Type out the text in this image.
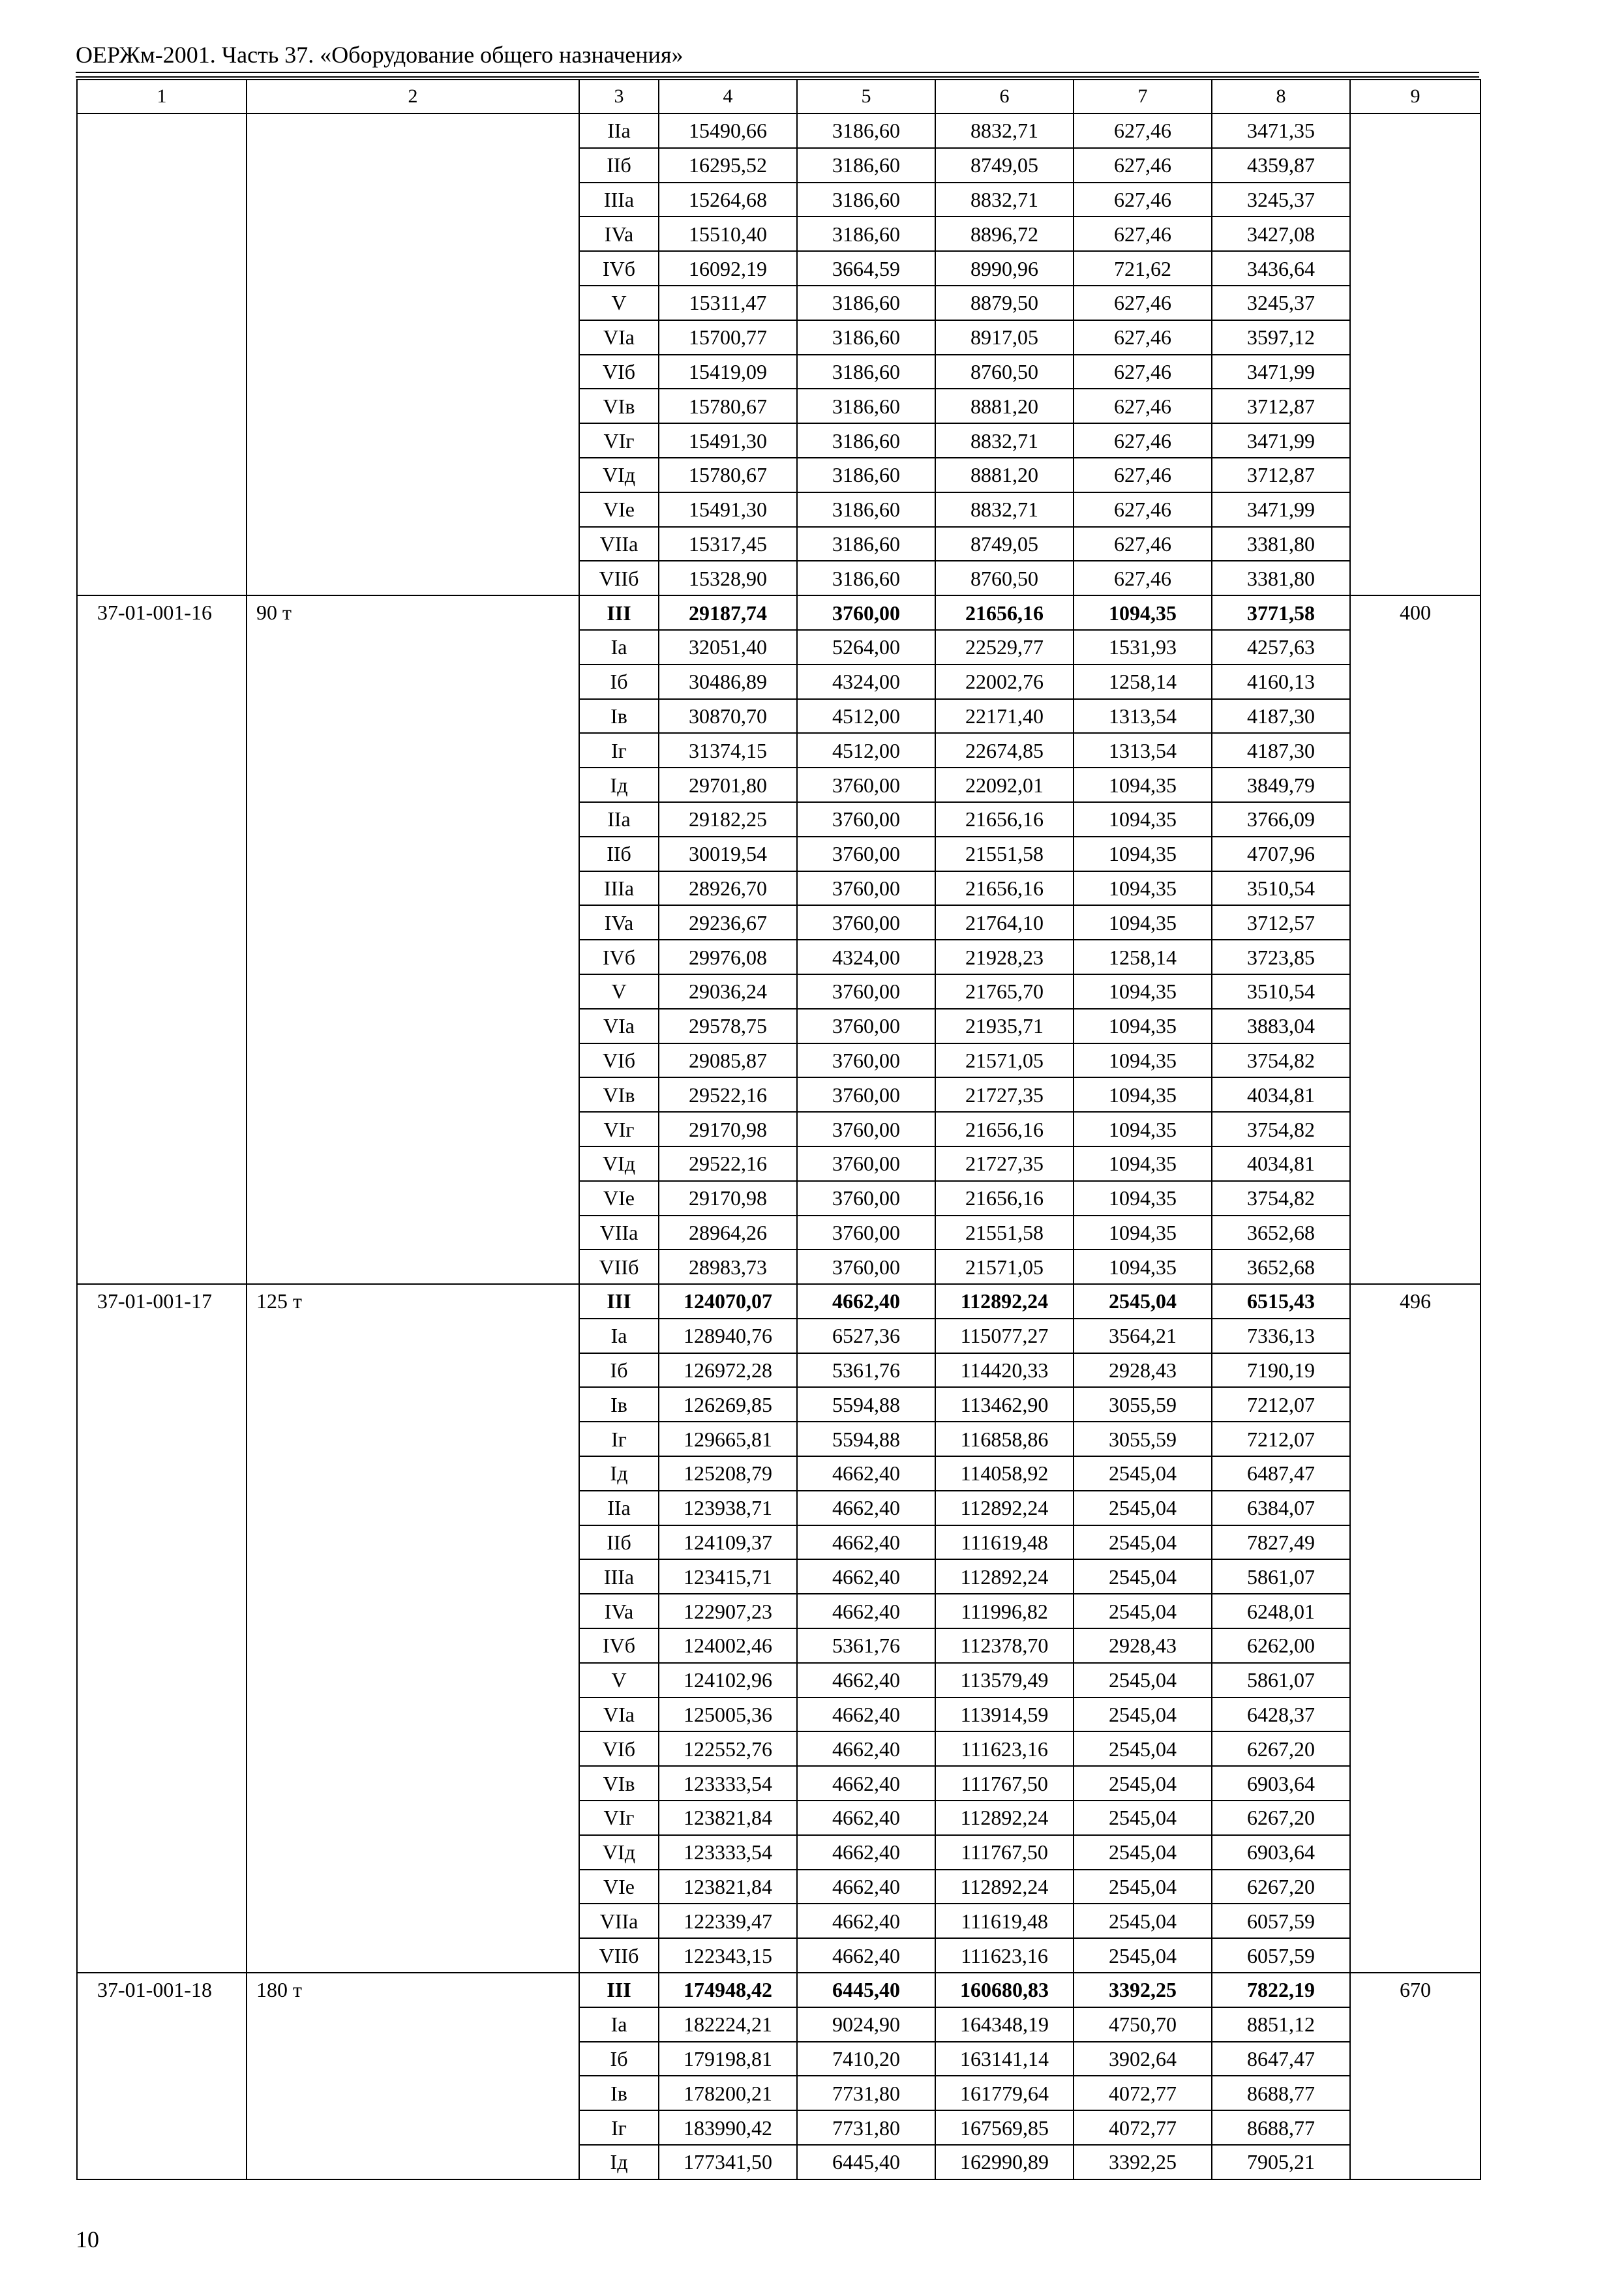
ОЕРЖм-2001. Часть 37. «Оборудование общего назначения»
1	2	3	4	5	6	7	8	9
		IIa	15490,66	3186,60	8832,71	627,46	3471,35	
		IIб	16295,52	3186,60	8749,05	627,46	4359,87	
		IIIa	15264,68	3186,60	8832,71	627,46	3245,37	
		IVa	15510,40	3186,60	8896,72	627,46	3427,08	
		IVб	16092,19	3664,59	8990,96	721,62	3436,64	
		V	15311,47	3186,60	8879,50	627,46	3245,37	
		VIa	15700,77	3186,60	8917,05	627,46	3597,12	
		VIб	15419,09	3186,60	8760,50	627,46	3471,99	
		VIв	15780,67	3186,60	8881,20	627,46	3712,87	
		VIг	15491,30	3186,60	8832,71	627,46	3471,99	
		VIд	15780,67	3186,60	8881,20	627,46	3712,87	
		VIe	15491,30	3186,60	8832,71	627,46	3471,99	
		VIIa	15317,45	3186,60	8749,05	627,46	3381,80	
		VIIб	15328,90	3186,60	8760,50	627,46	3381,80	
37-01-001-16	90 т	III	29187,74	3760,00	21656,16	1094,35	3771,58	400
		Ia	32051,40	5264,00	22529,77	1531,93	4257,63	
		Iб	30486,89	4324,00	22002,76	1258,14	4160,13	
		Iв	30870,70	4512,00	22171,40	1313,54	4187,30	
		Iг	31374,15	4512,00	22674,85	1313,54	4187,30	
		Iд	29701,80	3760,00	22092,01	1094,35	3849,79	
		IIa	29182,25	3760,00	21656,16	1094,35	3766,09	
		IIб	30019,54	3760,00	21551,58	1094,35	4707,96	
		IIIa	28926,70	3760,00	21656,16	1094,35	3510,54	
		IVa	29236,67	3760,00	21764,10	1094,35	3712,57	
		IVб	29976,08	4324,00	21928,23	1258,14	3723,85	
		V	29036,24	3760,00	21765,70	1094,35	3510,54	
		VIa	29578,75	3760,00	21935,71	1094,35	3883,04	
		VIб	29085,87	3760,00	21571,05	1094,35	3754,82	
		VIв	29522,16	3760,00	21727,35	1094,35	4034,81	
		VIг	29170,98	3760,00	21656,16	1094,35	3754,82	
		VIд	29522,16	3760,00	21727,35	1094,35	4034,81	
		VIe	29170,98	3760,00	21656,16	1094,35	3754,82	
		VIIa	28964,26	3760,00	21551,58	1094,35	3652,68	
		VIIб	28983,73	3760,00	21571,05	1094,35	3652,68	
37-01-001-17	125 т	III	124070,07	4662,40	112892,24	2545,04	6515,43	496
		Ia	128940,76	6527,36	115077,27	3564,21	7336,13	
		Iб	126972,28	5361,76	114420,33	2928,43	7190,19	
		Iв	126269,85	5594,88	113462,90	3055,59	7212,07	
		Iг	129665,81	5594,88	116858,86	3055,59	7212,07	
		Iд	125208,79	4662,40	114058,92	2545,04	6487,47	
		IIa	123938,71	4662,40	112892,24	2545,04	6384,07	
		IIб	124109,37	4662,40	111619,48	2545,04	7827,49	
		IIIa	123415,71	4662,40	112892,24	2545,04	5861,07	
		IVa	122907,23	4662,40	111996,82	2545,04	6248,01	
		IVб	124002,46	5361,76	112378,70	2928,43	6262,00	
		V	124102,96	4662,40	113579,49	2545,04	5861,07	
		VIa	125005,36	4662,40	113914,59	2545,04	6428,37	
		VIб	122552,76	4662,40	111623,16	2545,04	6267,20	
		VIв	123333,54	4662,40	111767,50	2545,04	6903,64	
		VIг	123821,84	4662,40	112892,24	2545,04	6267,20	
		VIд	123333,54	4662,40	111767,50	2545,04	6903,64	
		VIe	123821,84	4662,40	112892,24	2545,04	6267,20	
		VIIa	122339,47	4662,40	111619,48	2545,04	6057,59	
		VIIб	122343,15	4662,40	111623,16	2545,04	6057,59	
37-01-001-18	180 т	III	174948,42	6445,40	160680,83	3392,25	7822,19	670
		Ia	182224,21	9024,90	164348,19	4750,70	8851,12	
		Iб	179198,81	7410,20	163141,14	3902,64	8647,47	
		Iв	178200,21	7731,80	161779,64	4072,77	8688,77	
		Iг	183990,42	7731,80	167569,85	4072,77	8688,77	
		Iд	177341,50	6445,40	162990,89	3392,25	7905,21	
10
